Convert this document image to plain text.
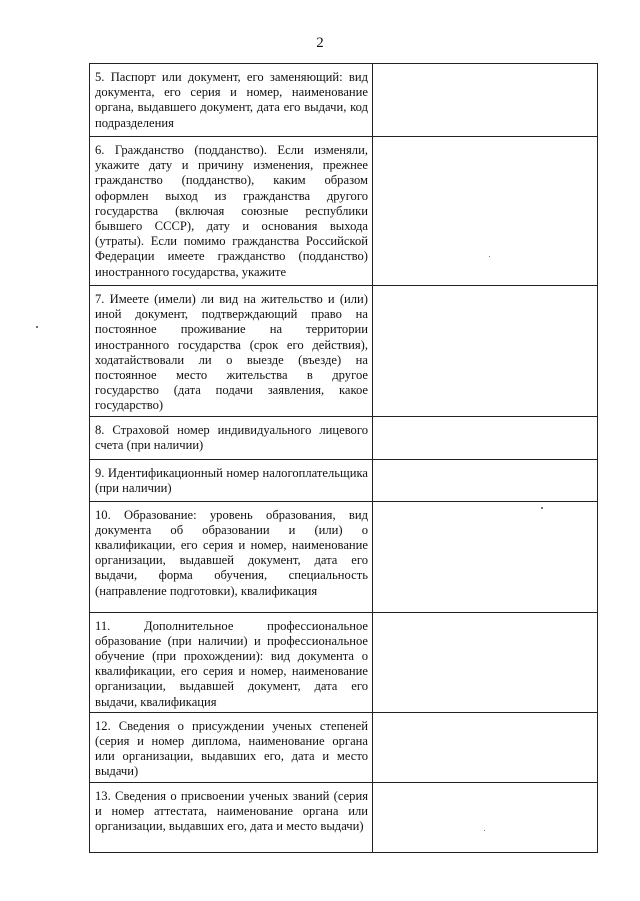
2
5. Паспорт или документ, его заменяющий: вид документа, его серия и номер, наименование органа, выдавшего документ, дата его выдачи, код подразделения	
6. Гражданство (подданство). Если изменяли, укажите дату и причину изменения, прежнее гражданство (подданство), каким образом оформлен выход из гражданства другого государства (включая союзные республики бывшего СССР), дату и основания выхода (утраты). Если помимо гражданства Российской Федерации имеете гражданство (подданство) иностранного государства, укажите	
7. Имеете (имели) ли вид на жительство и (или) иной документ, подтверждающий право на постоянное проживание на территории иностранного государства (срок его действия), ходатайствовали ли о выезде (въезде) на постоянное место жительства в другое государство (дата подачи заявления, какое государство)	
8. Страховой номер индивидуального лицевого счета (при наличии)	
9. Идентификационный номер налогоплательщика (при наличии)	
10. Образование: уровень образования, вид документа об образовании и (или) о квалификации, его серия и номер, наименование организации, выдавшей документ, дата его выдачи, форма обучения, специальность (направление подготовки), квалификация	
11. Дополнительное профессиональное образование (при наличии) и профессиональное обучение (при прохождении): вид документа о квалификации, его серия и номер, наименование организации, выдавшей документ, дата его выдачи, квалификация	
12. Сведения о присуждении ученых степеней (серия и номер диплома, наименование органа или организации, выдавших его, дата и место выдачи)	
13. Сведения о присвоении ученых званий (серия и номер аттестата, наименование органа или организации, выдавших его, дата и место выдачи)	
